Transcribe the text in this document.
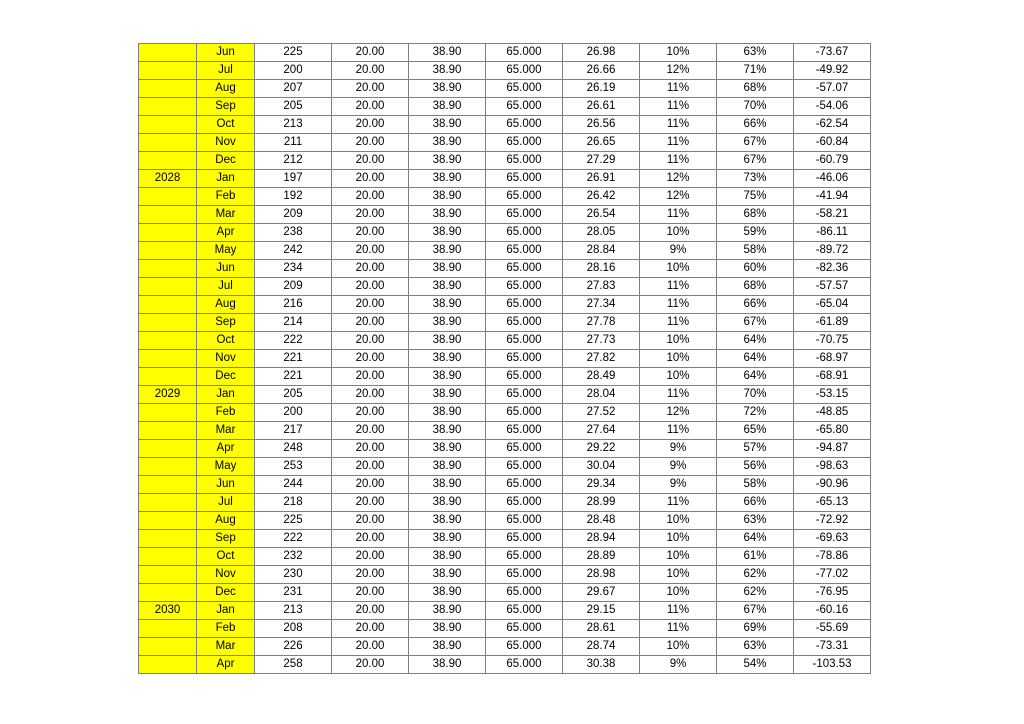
	Jun	225	20.00	38.90	65.000	26.98	10%	63%	-73.67
	Jul	200	20.00	38.90	65.000	26.66	12%	71%	-49.92
	Aug	207	20.00	38.90	65.000	26.19	11%	68%	-57.07
	Sep	205	20.00	38.90	65.000	26.61	11%	70%	-54.06
	Oct	213	20.00	38.90	65.000	26.56	11%	66%	-62.54
	Nov	211	20.00	38.90	65.000	26.65	11%	67%	-60.84
	Dec	212	20.00	38.90	65.000	27.29	11%	67%	-60.79
2028	Jan	197	20.00	38.90	65.000	26.91	12%	73%	-46.06
	Feb	192	20.00	38.90	65.000	26.42	12%	75%	-41.94
	Mar	209	20.00	38.90	65.000	26.54	11%	68%	-58.21
	Apr	238	20.00	38.90	65.000	28.05	10%	59%	-86.11
	May	242	20.00	38.90	65.000	28.84	9%	58%	-89.72
	Jun	234	20.00	38.90	65.000	28.16	10%	60%	-82.36
	Jul	209	20.00	38.90	65.000	27.83	11%	68%	-57.57
	Aug	216	20.00	38.90	65.000	27.34	11%	66%	-65.04
	Sep	214	20.00	38.90	65.000	27.78	11%	67%	-61.89
	Oct	222	20.00	38.90	65.000	27.73	10%	64%	-70.75
	Nov	221	20.00	38.90	65.000	27.82	10%	64%	-68.97
	Dec	221	20.00	38.90	65.000	28.49	10%	64%	-68.91
2029	Jan	205	20.00	38.90	65.000	28.04	11%	70%	-53.15
	Feb	200	20.00	38.90	65.000	27.52	12%	72%	-48.85
	Mar	217	20.00	38.90	65.000	27.64	11%	65%	-65.80
	Apr	248	20.00	38.90	65.000	29.22	9%	57%	-94.87
	May	253	20.00	38.90	65.000	30.04	9%	56%	-98.63
	Jun	244	20.00	38.90	65.000	29.34	9%	58%	-90.96
	Jul	218	20.00	38.90	65.000	28.99	11%	66%	-65.13
	Aug	225	20.00	38.90	65.000	28.48	10%	63%	-72.92
	Sep	222	20.00	38.90	65.000	28.94	10%	64%	-69.63
	Oct	232	20.00	38.90	65.000	28.89	10%	61%	-78.86
	Nov	230	20.00	38.90	65.000	28.98	10%	62%	-77.02
	Dec	231	20.00	38.90	65.000	29.67	10%	62%	-76.95
2030	Jan	213	20.00	38.90	65.000	29.15	11%	67%	-60.16
	Feb	208	20.00	38.90	65.000	28.61	11%	69%	-55.69
	Mar	226	20.00	38.90	65.000	28.74	10%	63%	-73.31
	Apr	258	20.00	38.90	65.000	30.38	9%	54%	-103.53
